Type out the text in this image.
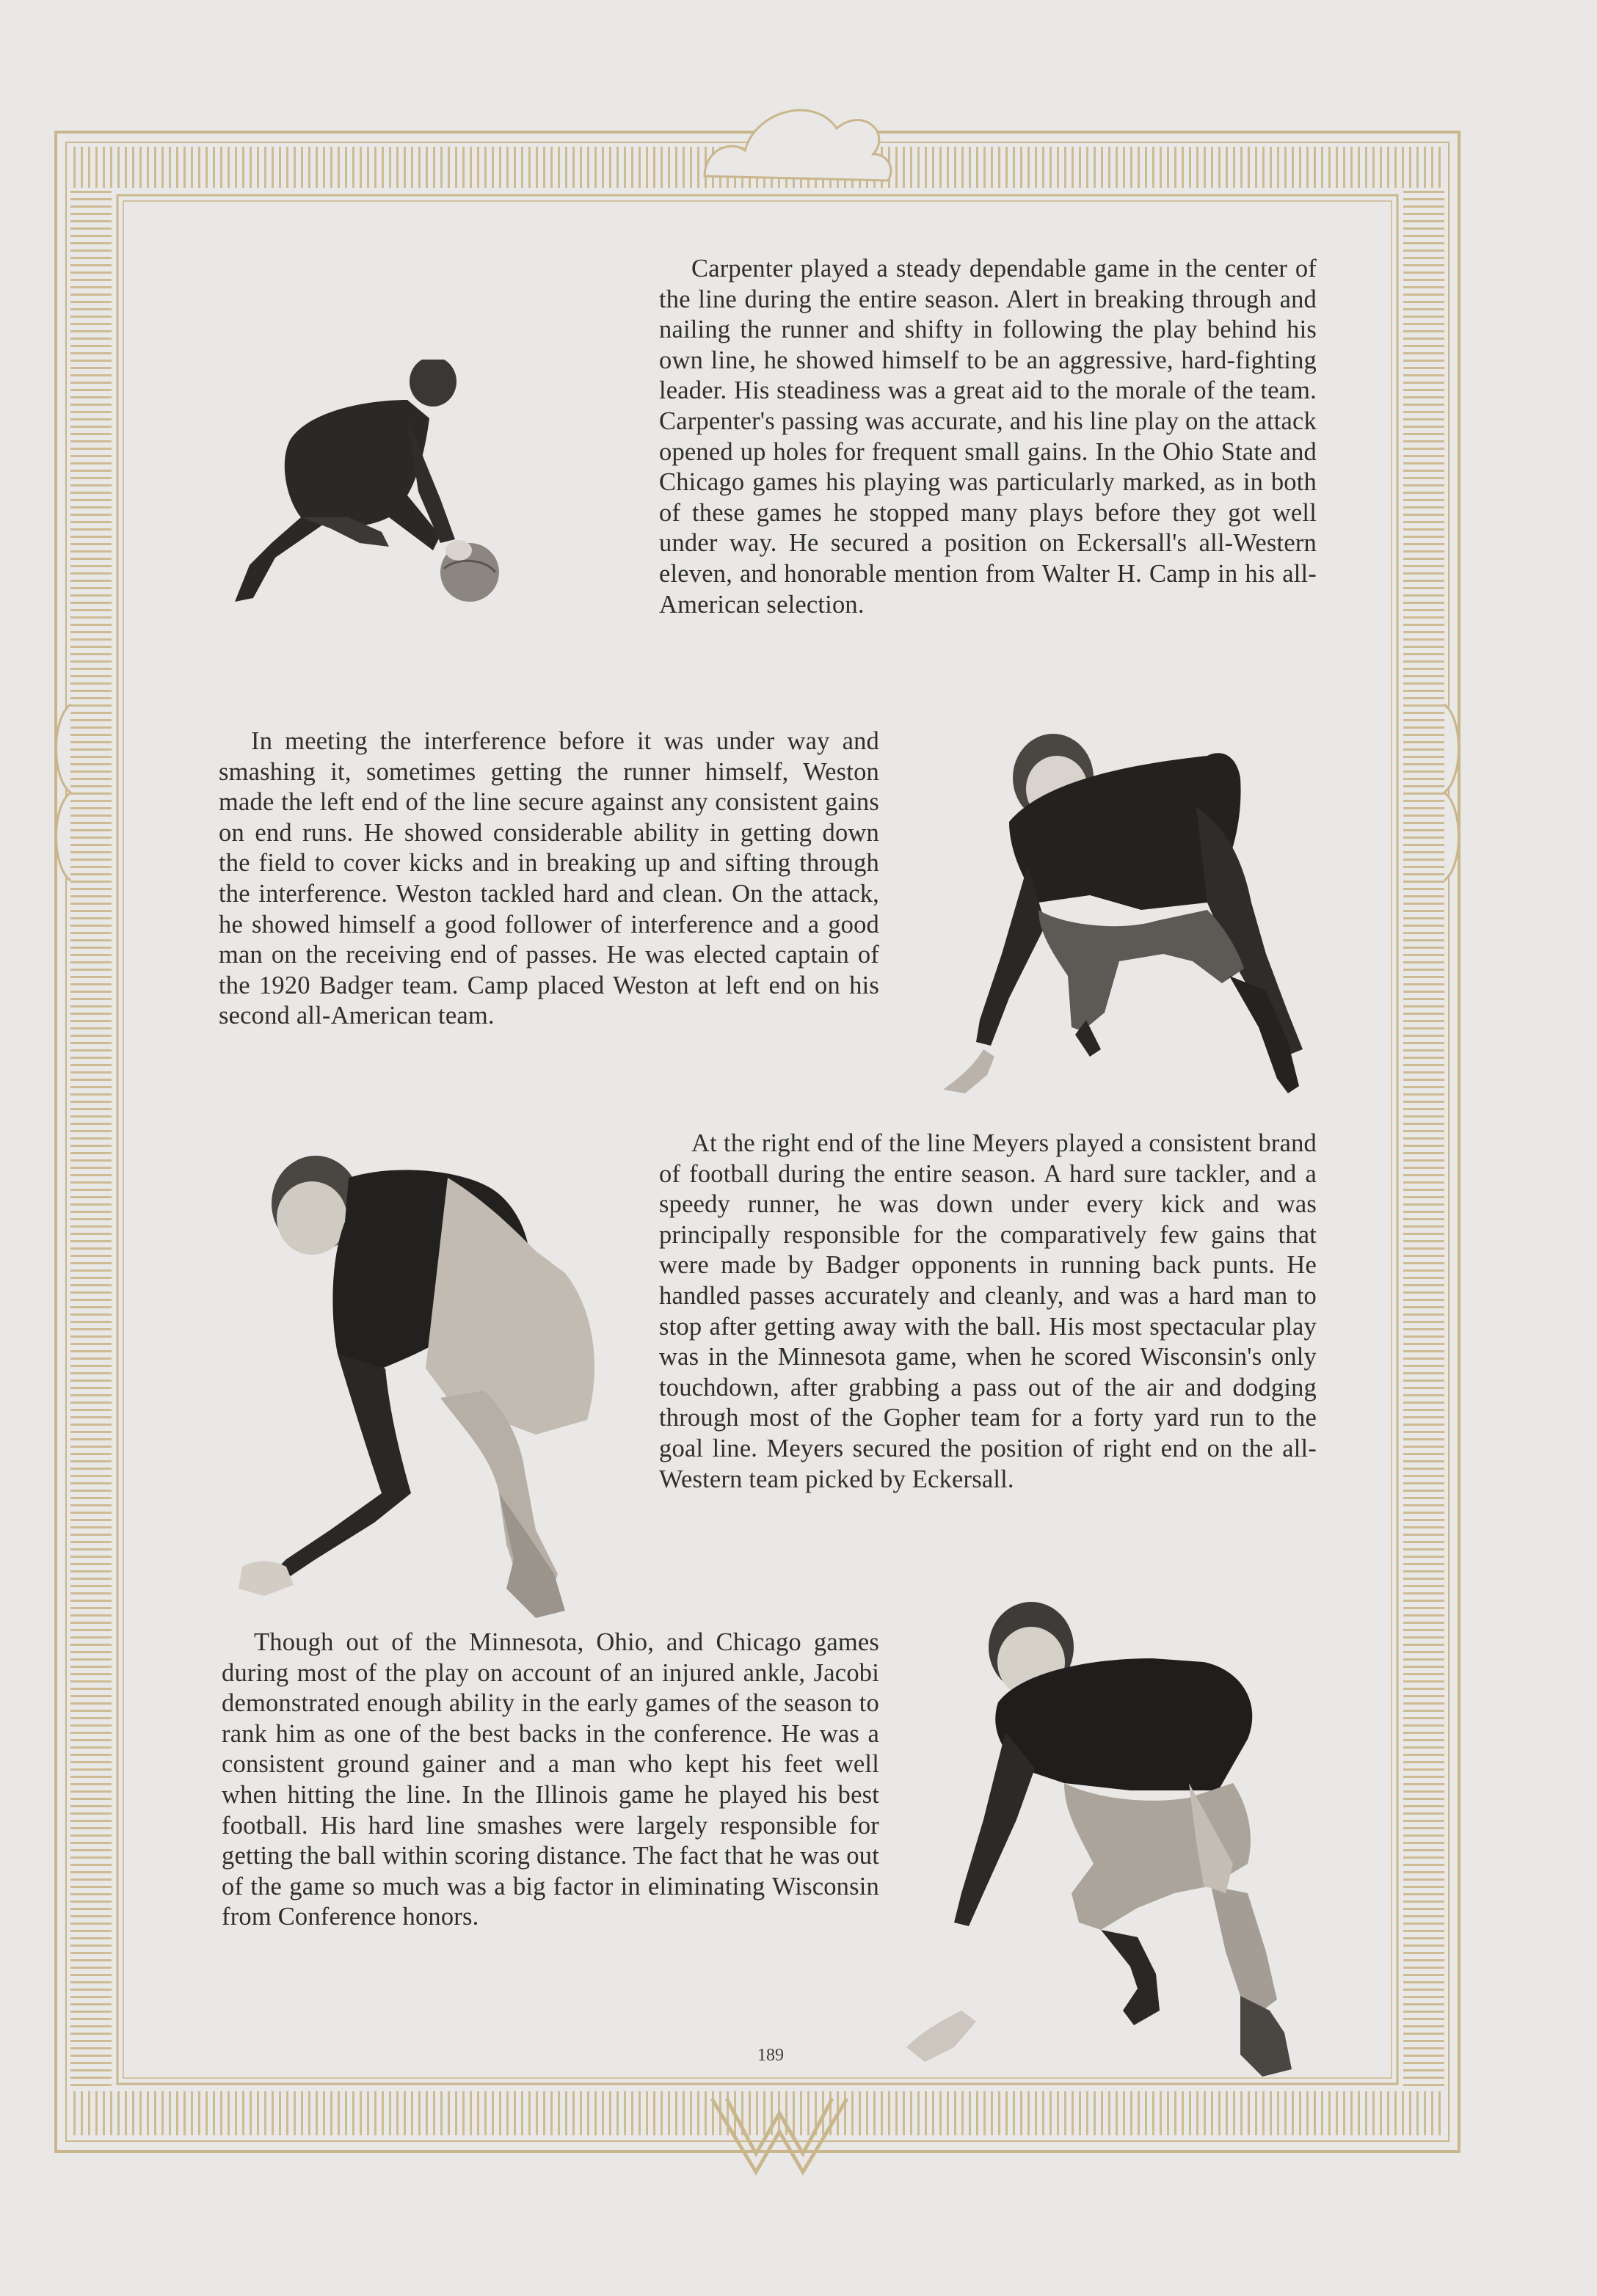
Carpenter played a steady dependable game in the center of the line during the entire season. Alert in breaking through and nailing the runner and shifty in following the play behind his own line, he showed himself to be an aggressive, hard-fighting leader. His steadiness was a great aid to the morale of the team. Carpenter's passing was accurate, and his line play on the attack opened up holes for frequent small gains. In the Ohio State and Chicago games his playing was particularly marked, as in both of these games he stopped many plays before they got well under way. He secured a position on Eckersall's all-Western eleven, and honorable mention from Walter H. Camp in his all-American selection.

In meeting the interference before it was under way and smashing it, sometimes getting the runner himself, Weston made the left end of the line secure against any consistent gains on end runs. He showed considerable ability in getting down the field to cover kicks and in breaking up and sifting through the interference. Weston tackled hard and clean. On the attack, he showed himself a good follower of interference and a good man on the receiving end of passes. He was elected captain of the 1920 Badger team. Camp placed Weston at left end on his second all-American team.

At the right end of the line Meyers played a consistent brand of football during the entire season. A hard sure tackler, and a speedy runner, he was down under every kick and was principally responsible for the comparatively few gains that were made by Badger opponents in running back punts. He handled passes accurately and cleanly, and was a hard man to stop after getting away with the ball. His most spectacular play was in the Minnesota game, when he scored Wisconsin's only touchdown, after grabbing a pass out of the air and dodging through most of the Gopher team for a forty yard run to the goal line. Meyers secured the position of right end on the all-Western team picked by Eckersall.

Though out of the Minnesota, Ohio, and Chicago games during most of the play on account of an injured ankle, Jacobi demonstrated enough ability in the early games of the season to rank him as one of the best backs in the conference. He was a consistent ground gainer and a man who kept his feet well when hitting the line. In the Illinois game he played his best football. His hard line smashes were largely responsible for getting the ball within scoring distance. The fact that he was out of the game so much was a big factor in eliminating Wisconsin from Conference honors.

189
